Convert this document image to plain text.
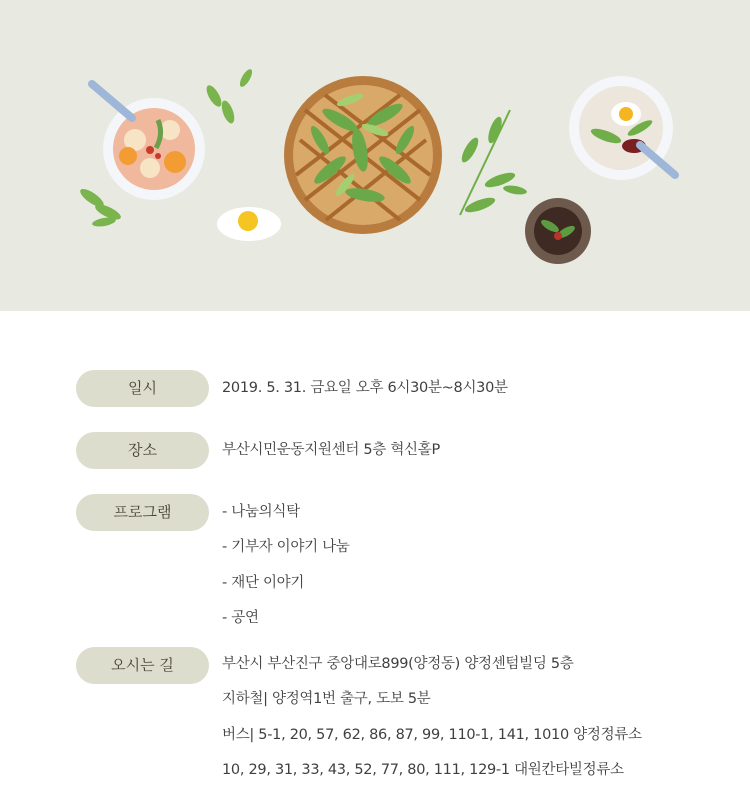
일시	2019. 5. 31. 금요일 오후 6시30분~8시30분
장소	부산시민운동지원센터 5층 혁신홀P
프로그램	- 나눔의식탁
- 기부자 이야기 나눔
- 재단 이야기
- 공연
오시는 길	부산시 부산진구 중앙대로899(양정동) 양정센텀빌딩 5층
지하철| 양정역1번 출구, 도보 5분
버스| 5-1, 20, 57, 62, 86, 87, 99, 110-1, 141, 1010 양정정류소
10, 29, 31, 33, 43, 52, 77, 80, 111, 129-1 대원칸타빌정류소
